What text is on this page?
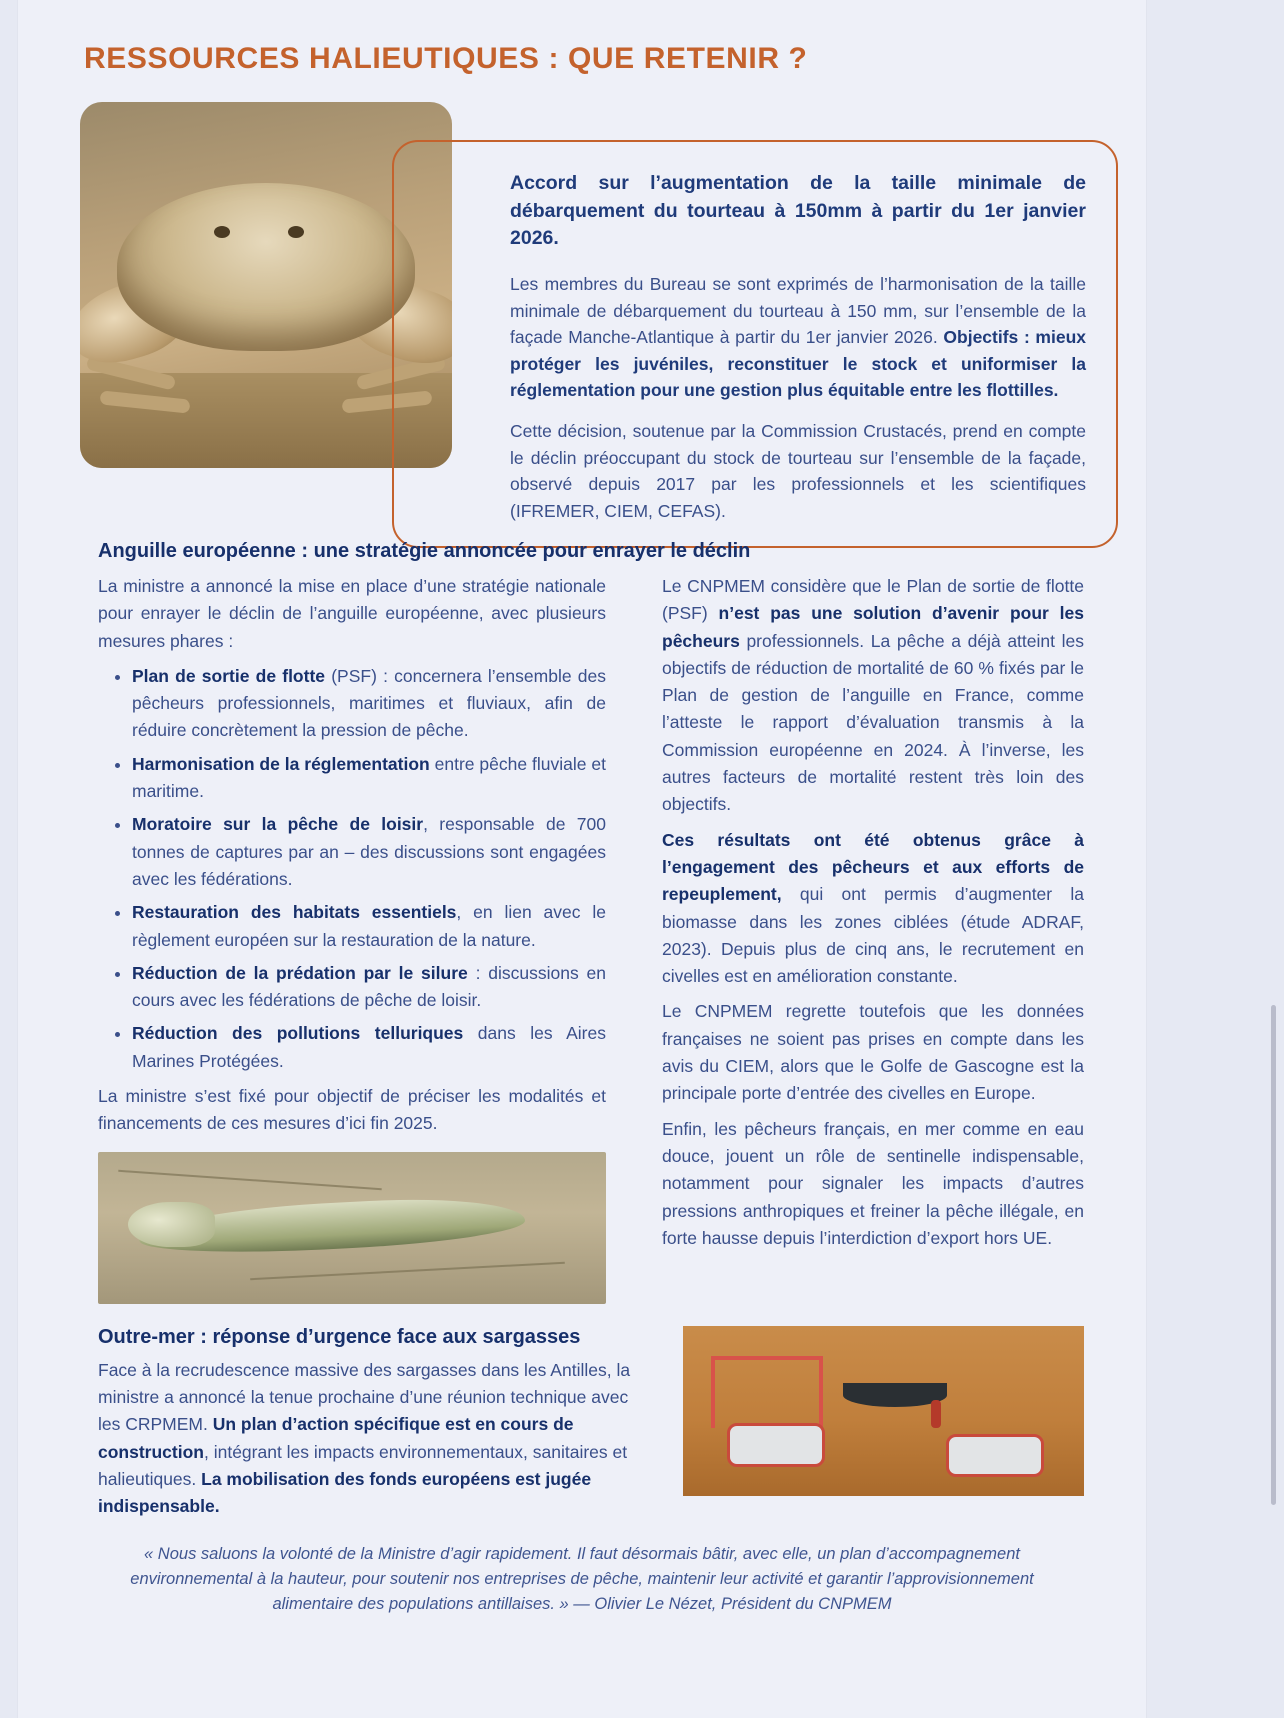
RESSOURCES HALIEUTIQUES : QUE RETENIR ?

Accord sur l’augmentation de la taille minimale de débarquement du tourteau à 150mm à partir du 1er janvier 2026.

Les membres du Bureau se sont exprimés de l’harmonisation de la taille minimale de débarquement du tourteau à 150 mm, sur l’ensemble de la façade Manche-Atlantique à partir du 1er janvier 2026. Objectifs : mieux protéger les juvéniles, reconstituer le stock et uniformiser la réglementation pour une gestion plus équitable entre les flottilles.

Cette décision, soutenue par la Commission Crustacés, prend en compte le déclin préoccupant du stock de tourteau sur l’ensemble de la façade, observé depuis 2017 par les professionnels et les scientifiques (IFREMER, CIEM, CEFAS).

Anguille européenne : une stratégie annoncée pour enrayer le déclin

La ministre a annoncé la mise en place d’une stratégie nationale pour enrayer le déclin de l’anguille européenne, avec plusieurs mesures phares :

• Plan de sortie de flotte (PSF) : concernera l’ensemble des pêcheurs professionnels, maritimes et fluviaux, afin de réduire concrètement la pression de pêche.
• Harmonisation de la réglementation entre pêche fluviale et maritime.
• Moratoire sur la pêche de loisir, responsable de 700 tonnes de captures par an – des discussions sont engagées avec les fédérations.
• Restauration des habitats essentiels, en lien avec le règlement européen sur la restauration de la nature.
• Réduction de la prédation par le silure : discussions en cours avec les fédérations de pêche de loisir.
• Réduction des pollutions telluriques dans les Aires Marines Protégées.

La ministre s’est fixé pour objectif de préciser les modalités et financements de ces mesures d’ici fin 2025.

Le CNPMEM considère que le Plan de sortie de flotte (PSF) n’est pas une solution d’avenir pour les pêcheurs professionnels. La pêche a déjà atteint les objectifs de réduction de mortalité de 60 % fixés par le Plan de gestion de l’anguille en France, comme l’atteste le rapport d’évaluation transmis à la Commission européenne en 2024. À l’inverse, les autres facteurs de mortalité restent très loin des objectifs.

Ces résultats ont été obtenus grâce à l’engagement des pêcheurs et aux efforts de repeuplement, qui ont permis d’augmenter la biomasse dans les zones ciblées (étude ADRAF, 2023). Depuis plus de cinq ans, le recrutement en civelles est en amélioration constante.

Le CNPMEM regrette toutefois que les données françaises ne soient pas prises en compte dans les avis du CIEM, alors que le Golfe de Gascogne est la principale porte d’entrée des civelles en Europe.

Enfin, les pêcheurs français, en mer comme en eau douce, jouent un rôle de sentinelle indispensable, notamment pour signaler les impacts d’autres pressions anthropiques et freiner la pêche illégale, en forte hausse depuis l’interdiction d’export hors UE.

Outre-mer : réponse d’urgence face aux sargasses

Face à la recrudescence massive des sargasses dans les Antilles, la ministre a annoncé la tenue prochaine d’une réunion technique avec les CRPMEM. Un plan d’action spécifique est en cours de construction, intégrant les impacts environnementaux, sanitaires et halieutiques. La mobilisation des fonds européens est jugée indispensable.

« Nous saluons la volonté de la Ministre d’agir rapidement. Il faut désormais bâtir, avec elle, un plan d’accompagnement environnemental à la hauteur, pour soutenir nos entreprises de pêche, maintenir leur activité et garantir l’approvisionnement alimentaire des populations antillaises. » — Olivier Le Nézet, Président du CNPMEM
